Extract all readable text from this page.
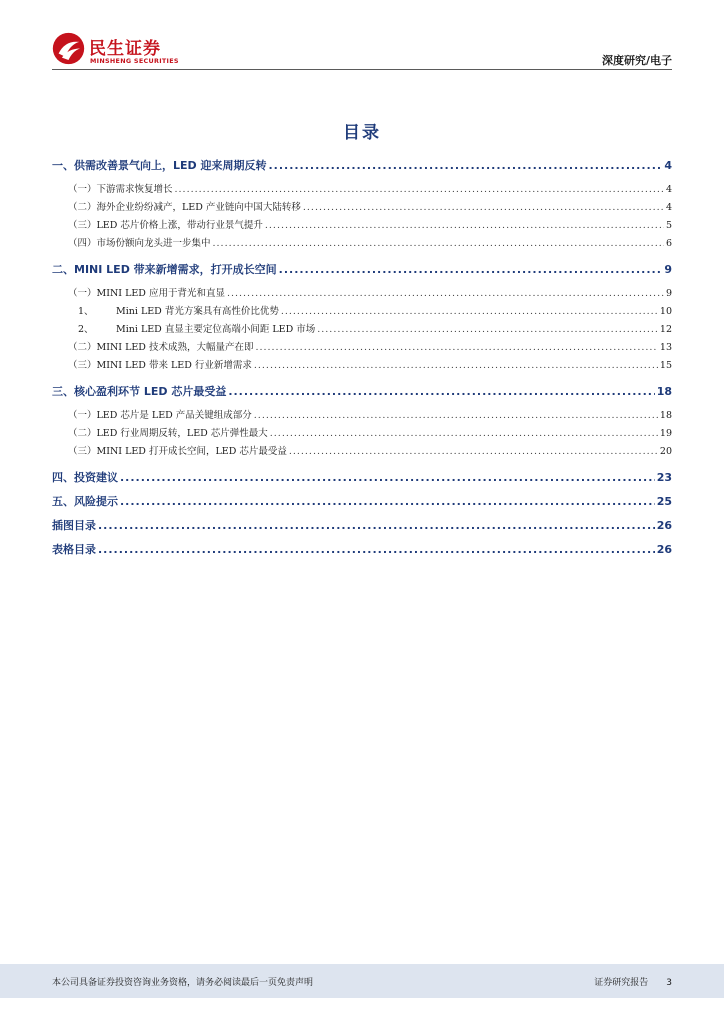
民生证券
MINSHENG SECURITIES	深度研究/电子
目录
一、供需改善景气向上，LED 迎来周期反转 .....	4
（一）下游需求恢复增长 .....	4
（二）海外企业纷纷减产，LED 产业链向中国大陆转移 .....	4
（三）LED 芯片价格上涨，带动行业景气提升 .....	5
（四）市场份额向龙头进一步集中 .....	6
二、MINI LED 带来新增需求，打开成长空间 .....	9
（一）MINI LED 应用于背光和直显 .....	9
1、 Mini LED 背光方案具有高性价比优势 .....	10
2、 Mini LED 直显主要定位高端小间距 LED 市场 .....	12
（二）MINI LED 技术成熟，大幅量产在即 .....	13
（三）MINI LED 带来 LED 行业新增需求 .....	15
三、核心盈利环节 LED 芯片最受益 .....	18
（一）LED 芯片是 LED 产品关键组成部分 .....	18
（二）LED 行业周期反转，LED 芯片弹性最大 .....	19
（三）MINI LED 打开成长空间，LED 芯片最受益 .....	20
四、投资建议 .....	23
五、风险提示 .....	25
插图目录 .....	26
表格目录 .....	26
本公司具备证券投资咨询业务资格，请务必阅读最后一页免责声明	证券研究报告 3
